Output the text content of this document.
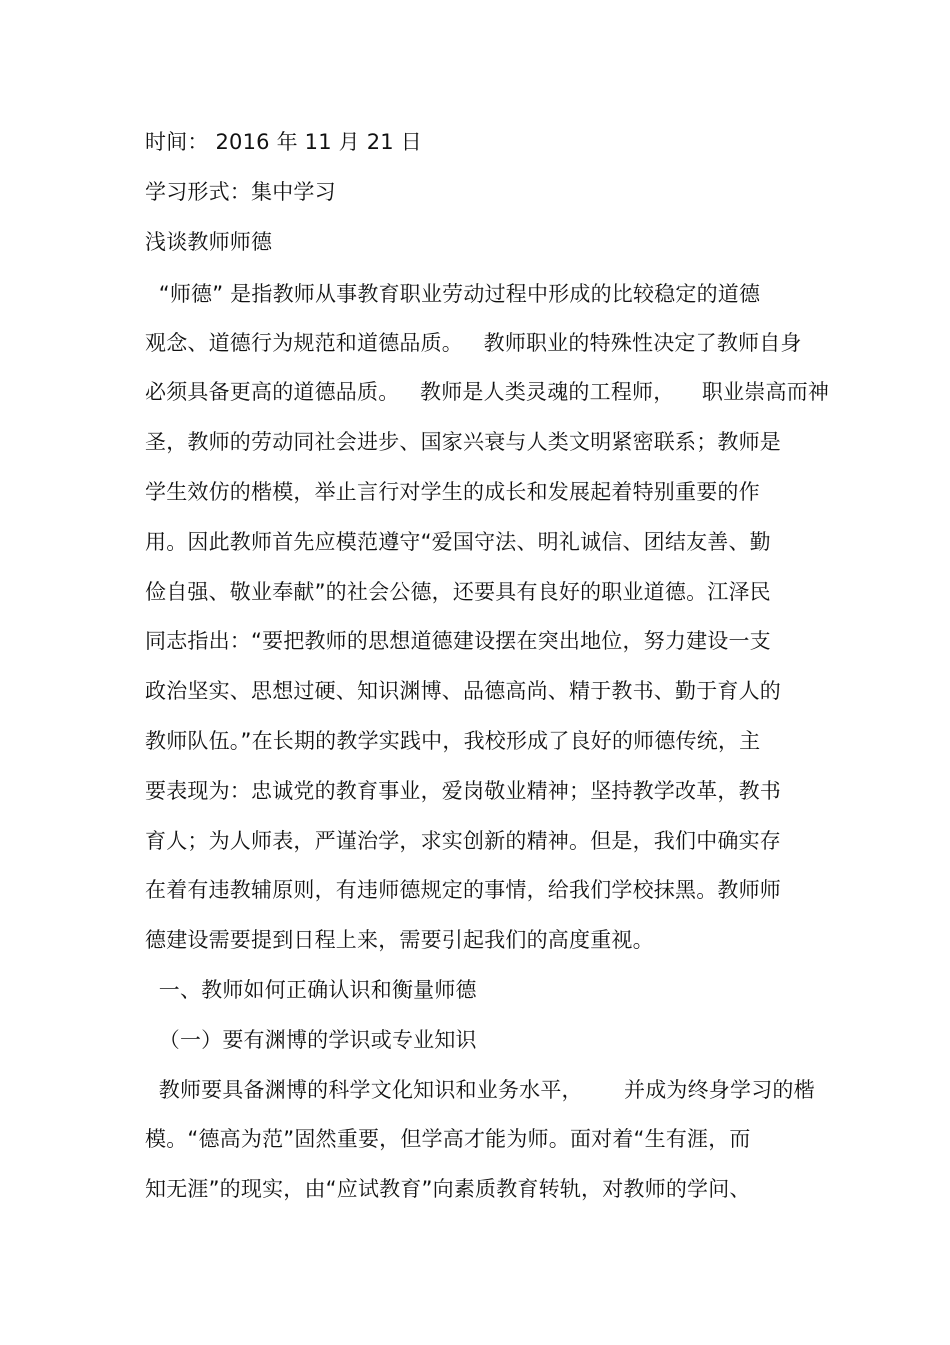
时间： 2016 年 11 月 21 日
学习形式：集中学习
浅谈教师师德
“师德” 是指教师从事教育职业劳动过程中形成的比较稳定的道德
观念、道德行为规范和道德品质。   教师职业的特殊性决定了教师自身
必须具备更高的道德品质。   教师是人类灵魂的工程师，    职业崇高而神
圣，教师的劳动同社会进步、国家兴衰与人类文明紧密联系；教师是
学生效仿的楷模，举止言行对学生的成长和发展起着特别重要的作
用。因此教师首先应模范遵守“爱国守法、明礼诚信、团结友善、勤
俭自强、敬业奉献”的社会公德，还要具有良好的职业道德。江泽民
同志指出：“要把教师的思想道德建设摆在突出地位，努力建设一支
政治坚实、思想过硬、知识渊博、品德高尚、精于教书、勤于育人的
教师队伍。”在长期的教学实践中，我校形成了良好的师德传统，主
要表现为：忠诚党的教育事业，爱岗敬业精神；坚持教学改革，教书
育人；为人师表，严谨治学，求实创新的精神。但是，我们中确实存
在着有违教辅原则，有违师德规定的事情，给我们学校抹黑。教师师
德建设需要提到日程上来，需要引起我们的高度重视。
一、教师如何正确认识和衡量师德
（一）要有渊博的学识或专业知识
教师要具备渊博的科学文化知识和业务水平，      并成为终身学习的楷
模。“德高为范”固然重要，但学高才能为师。面对着“生有涯，而
知无涯”的现实，由“应试教育”向素质教育转轨，对教师的学问、
